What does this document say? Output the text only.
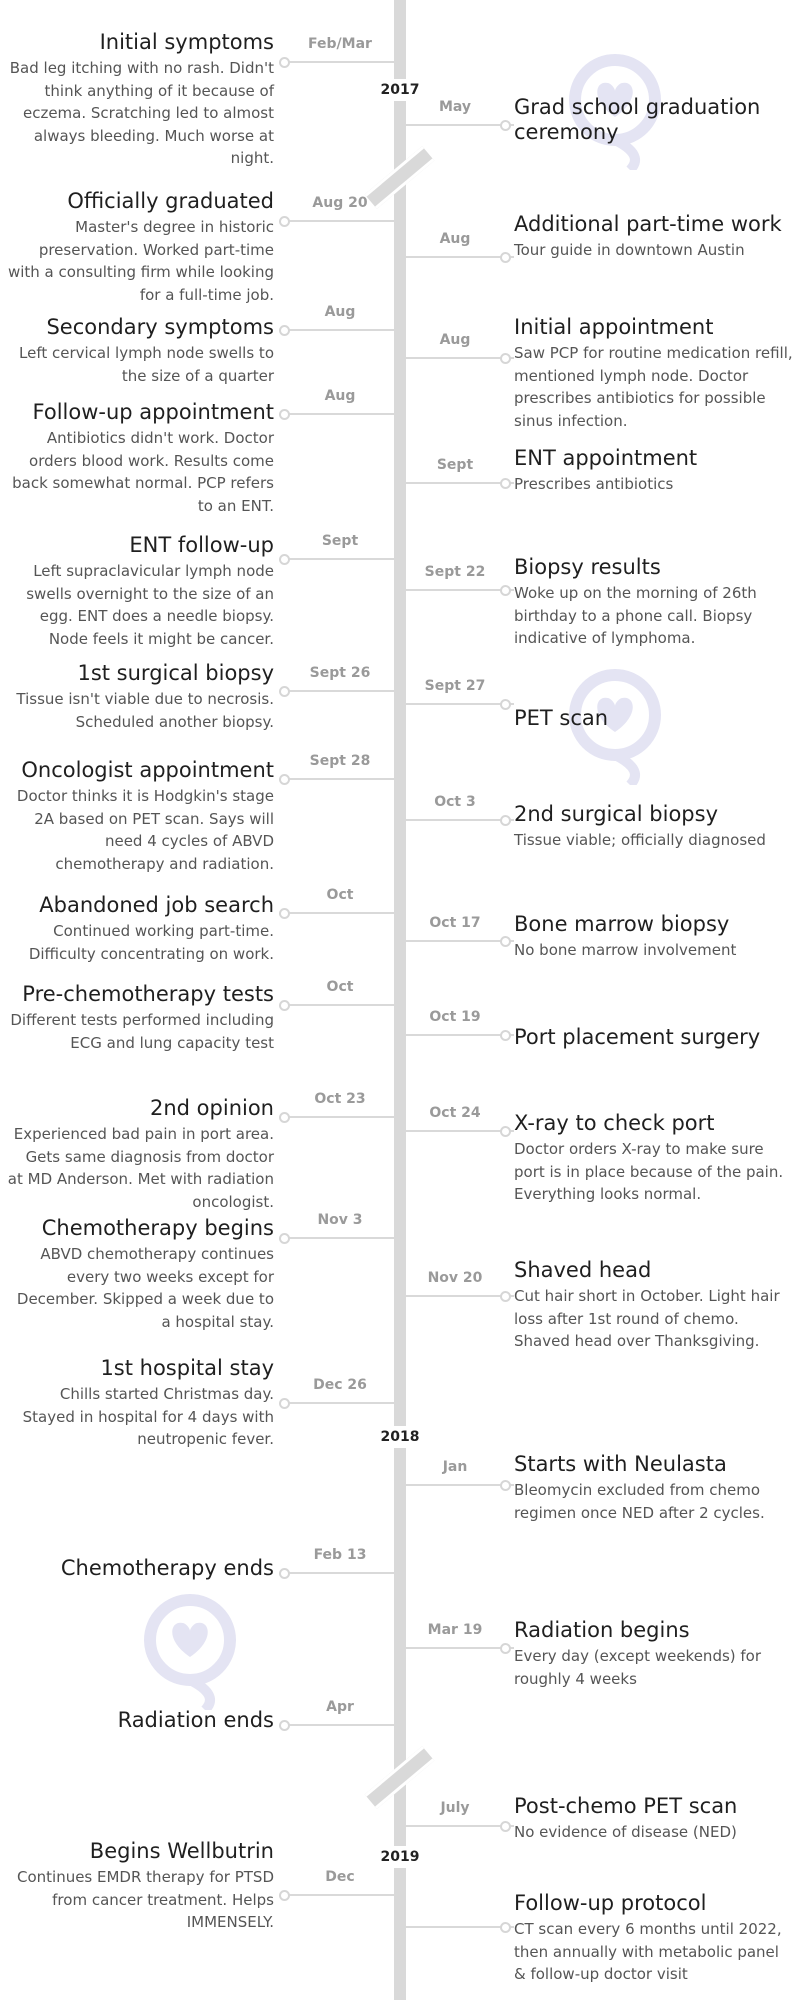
2017
2018
2019
Feb/Mar
Initial symptoms
Bad leg itching with no rash. Didn't think anything of it because of eczema. Scratching led to almost always bleeding. Much worse at night.
May	Grad school graduation ceremony
Aug 20
Officially graduated
Master's degree in historic preservation. Worked part-time with a consulting firm while looking for a full-time job.
Aug
Additional part-time work
Tour guide in downtown Austin
Aug
Secondary symptoms
Left cervical lymph node swells to the size of a quarter
Aug
Initial appointment
Saw PCP for routine medication refill, mentioned lymph node. Doctor prescribes antibiotics for possible sinus infection.
Aug
Follow-up appointment
Antibiotics didn't work. Doctor orders blood work. Results come back somewhat normal. PCP refers to an ENT.
Sept	ENT appointment
Prescribes antibiotics
Sept
ENT follow-up
Left supraclavicular lymph node swells overnight to the size of an egg. ENT does a needle biopsy. Node feels it might be cancer.
Sept 22	Biopsy results
Woke up on the morning of 26th birthday to a phone call. Biopsy indicative of lymphoma.
Sept 26
1st surgical biopsy
Tissue isn't viable due to necrosis. Scheduled another biopsy.
Sept 27
PET scan
Sept 28
Oncologist appointment
Doctor thinks it is Hodgkin's stage 2A based on PET scan. Says will need 4 cycles of ABVD chemotherapy and radiation.
Oct 3	2nd surgical biopsy
Tissue viable; officially diagnosed
Oct
Abandoned job search
Continued working part-time. Difficulty concentrating on work.
Oct 17	Bone marrow biopsy
No bone marrow involvement
Oct
Pre-chemotherapy tests
Different tests performed including ECG and lung capacity test
Oct 19
Port placement surgery
Oct 23
2nd opinion
Experienced bad pain in port area. Gets same diagnosis from doctor at MD Anderson. Met with radiation oncologist.
Oct 24	X-ray to check port
Doctor orders X-ray to make sure port is in place because of the pain. Everything looks normal.
Nov 3
Chemotherapy begins
ABVD chemotherapy continues every two weeks except for December. Skipped a week due to a hospital stay.
Nov 20	Shaved head
Cut hair short in October. Light hair loss after 1st round of chemo. Shaved head over Thanksgiving.
Dec 26
1st hospital stay
Chills started Christmas day. Stayed in hospital for 4 days with neutropenic fever.
Jan	Starts with Neulasta
Bleomycin excluded from chemo regimen once NED after 2 cycles.
Feb 13
Chemotherapy ends
Mar 19	Radiation begins
Every day (except weekends) for roughly 4 weeks
Apr
Radiation ends
July	Post-chemo PET scan
No evidence of disease (NED)
Dec
Begins Wellbutrin
Continues EMDR therapy for PTSD from cancer treatment. Helps IMMENSELY.
Follow-up protocol
CT scan every 6 months until 2022, then annually with metabolic panel & follow-up doctor visit
